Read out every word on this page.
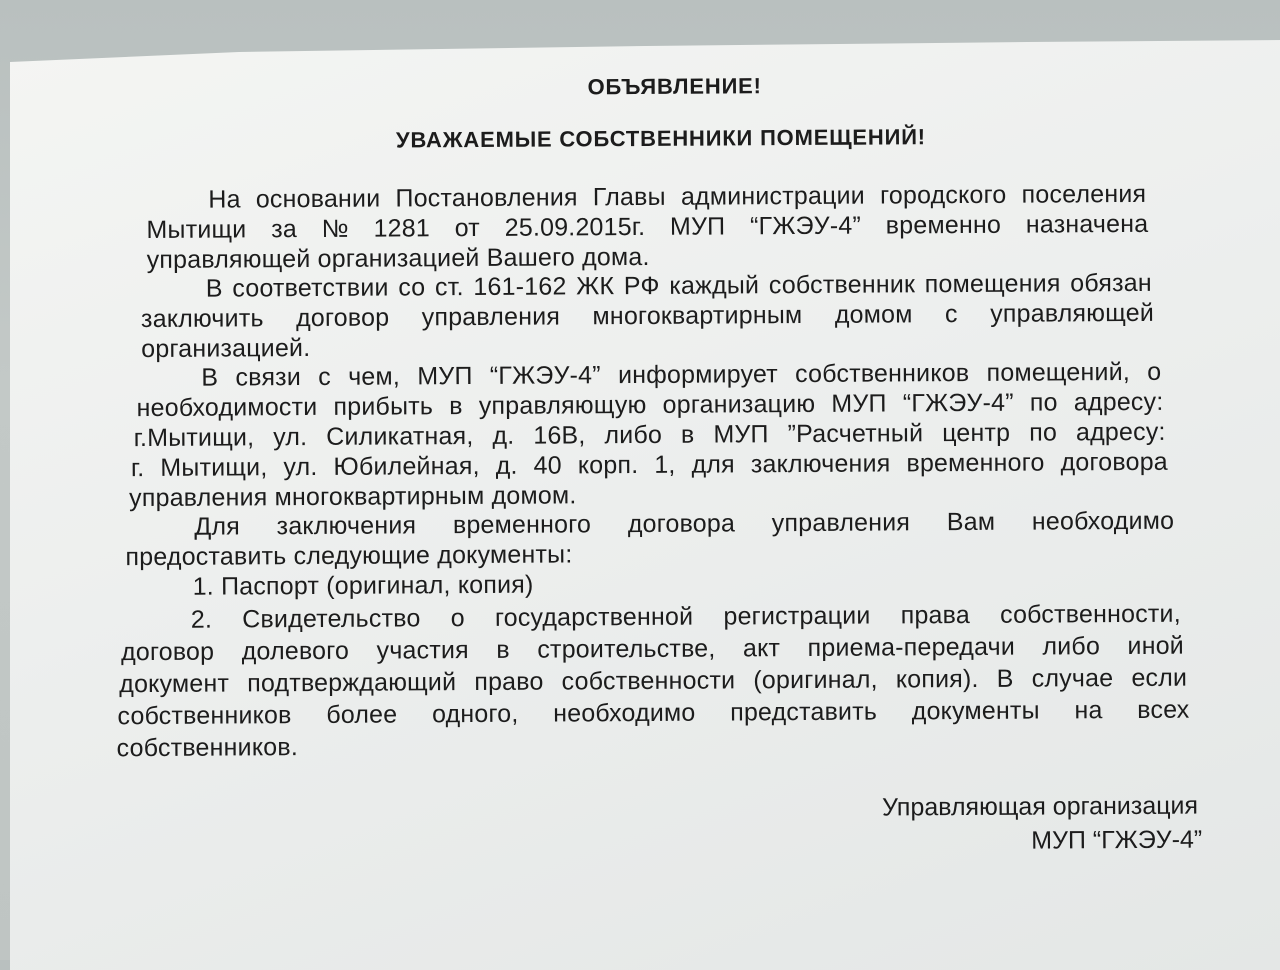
ОБЪЯВЛЕНИЕ!
УВАЖАЕМЫЕ СОБСТВЕННИКИ ПОМЕЩЕНИЙ!
На основании Постановления Главы администрации городского поселения
Мытищи за № 1281 от 25.09.2015г. МУП “ГЖЭУ-4” временно назначена
управляющей организацией Вашего дома.
В соответствии со ст. 161-162 ЖК РФ каждый собственник помещения обязан
заключить договор управления многоквартирным домом с управляющей
организацией.
В связи с чем, МУП “ГЖЭУ-4” информирует собственников помещений, о
необходимости прибыть в управляющую организацию МУП “ГЖЭУ-4” по адресу:
г.Мытищи, ул. Силикатная, д. 16В, либо в МУП ”Расчетный центр по адресу:
г. Мытищи, ул. Юбилейная, д. 40 корп. 1, для заключения временного договора
управления многоквартирным домом.
Для заключения временного договора управления Вам необходимо
предоставить следующие документы:
1. Паспорт (оригинал, копия)
2. Свидетельство о государственной регистрации права собственности,
договор долевого участия в строительстве, акт приема-передачи либо иной
документ подтверждающий право собственности (оригинал, копия). В случае если
собственников более одного, необходимо представить документы на всех
собственников.
Управляющая организация
МУП “ГЖЭУ-4”
